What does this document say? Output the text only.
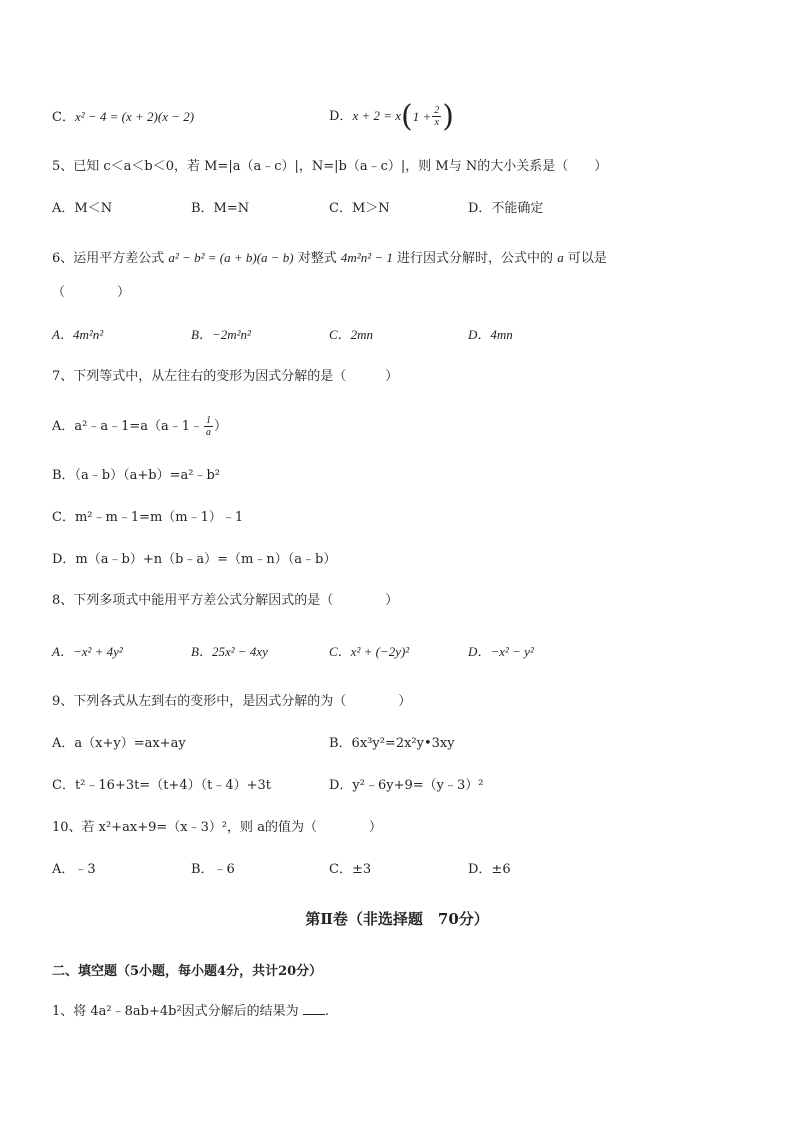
C．x² − 4 = (x + 2)(x − 2)	D．x + 2 = x ( $1 + \frac{2}{x}$ )
5、已知 c＜a＜b＜0，若 M=|a（a﹣c）|，N=|b（a﹣c）|，则 M与 N的大小关系是（　　）
A．M＜N	B．M=N	C．M＞N	D．不能确定
6、运用平方差公式 a² − b² = (a + b)(a − b) 对整式 4m²n² − 1 进行因式分解时，公式中的 a 可以是
（　　　　）
A．4m²n²	B．−2m²n²	C．2mn	D．4mn
7、下列等式中，从左往右的变形为因式分解的是（　　　）
A．a²﹣a﹣1=a（a﹣1﹣ $\frac{1}{a}$ ）
B．（a﹣b）（a+b）=a²﹣b²
C．m²﹣m﹣1=m（m﹣1）﹣1
D．m（a﹣b）+n（b﹣a）=（m﹣n）（a﹣b）
8、下列多项式中能用平方差公式分解因式的是（　　　　）
A．−x² + 4y²	B．25x² − 4xy	C．x² + (−2y)²	D．−x² − y²
9、下列各式从左到右的变形中，是因式分解的为（　　　　）
A．a（x+y）=ax+ay	B．6x³y²=2x²y•3xy
C．t²﹣16+3t=（t+4）（t﹣4）+3t	D．y²﹣6y+9=（y﹣3）²
10、若 x²+ax+9=（x﹣3）²，则 a的值为（　　　　）
A．﹣3	B．﹣6	C．±3	D．±6
第Ⅱ卷（非选择题　70分）
二、填空题（5小题，每小题4分，共计20分）
1、将 4a²﹣8ab+4b²因式分解后的结果为 .
